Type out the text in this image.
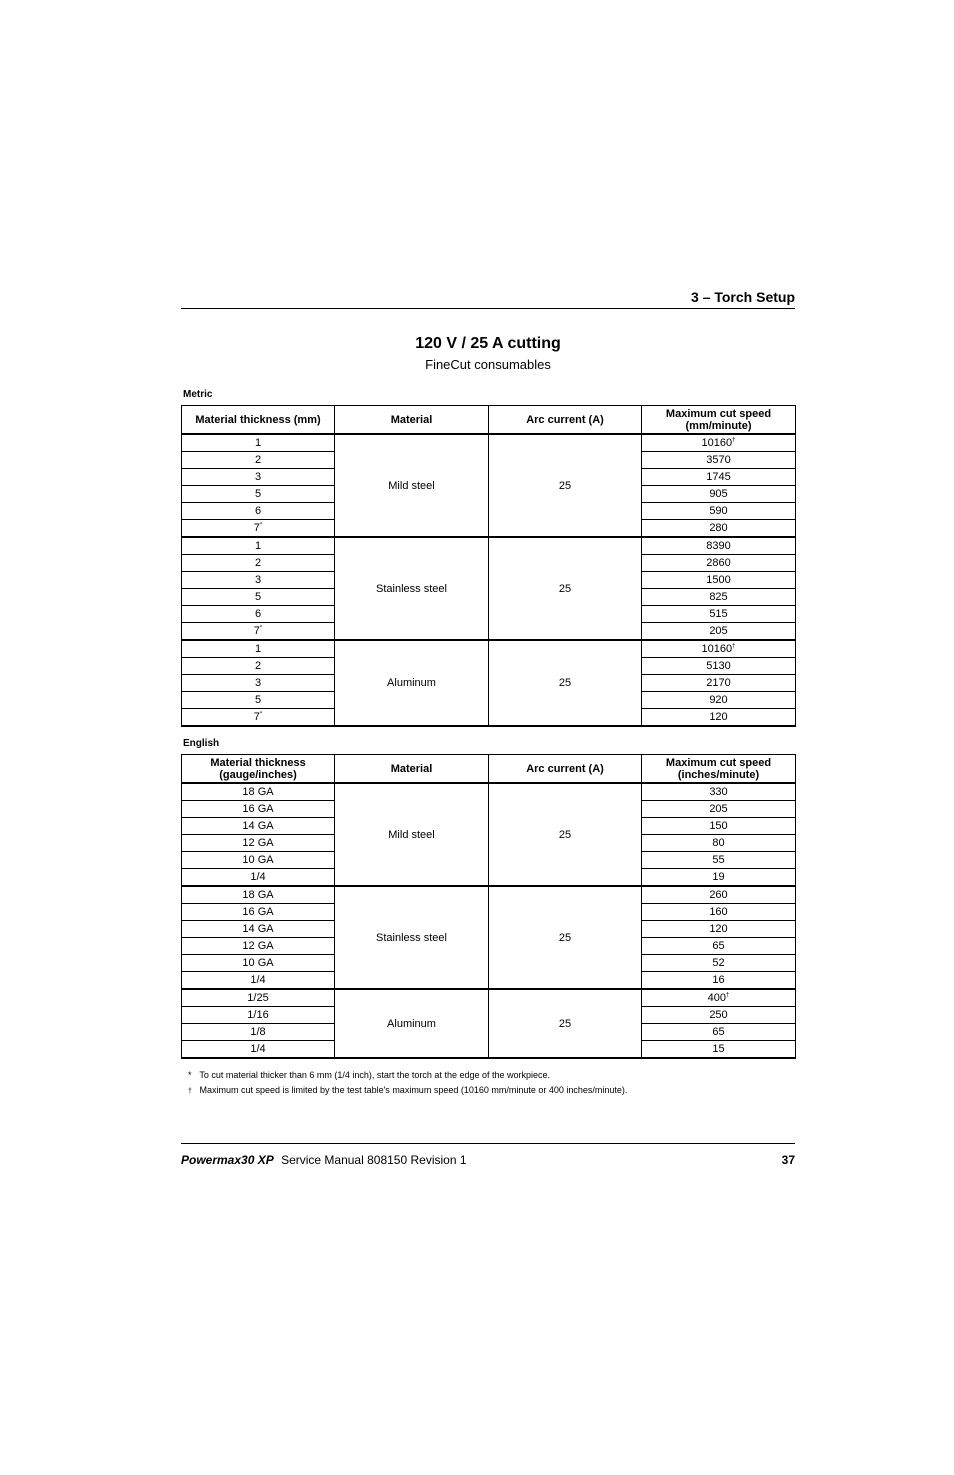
3 – Torch Setup
120 V / 25 A cutting
FineCut consumables
Metric
Material thickness (mm)	Material	Arc current (A)	Maximum cut speed
(mm/minute)
1	Mild steel	25	10160†
2			3570
3			1745
5			905
6			590
7*			280
1	Stainless steel	25	8390
2			2860
3			1500
5			825
6			515
7*			205
1	Aluminum	25	10160†
2			5130
3			2170
5			920
7*			120
English
Material thickness
(gauge/inches)	Material	Arc current (A)	Maximum cut speed
(inches/minute)
18 GA	Mild steel	25	330
16 GA			205
14 GA			150
12 GA			80
10 GA			55
1/4			19
18 GA	Stainless steel	25	260
16 GA			160
14 GA			120
12 GA			65
10 GA			52
1/4			16
1/25	Aluminum	25	400†
1/16			250
1/8			65
1/4			15
* To cut material thicker than 6 mm (1/4 inch), start the torch at the edge of the workpiece.
† Maximum cut speed is limited by the test table's maximum speed (10160 mm/minute or 400 inches/minute).
Powermax30 XP Service Manual 808150 Revision 1	37
